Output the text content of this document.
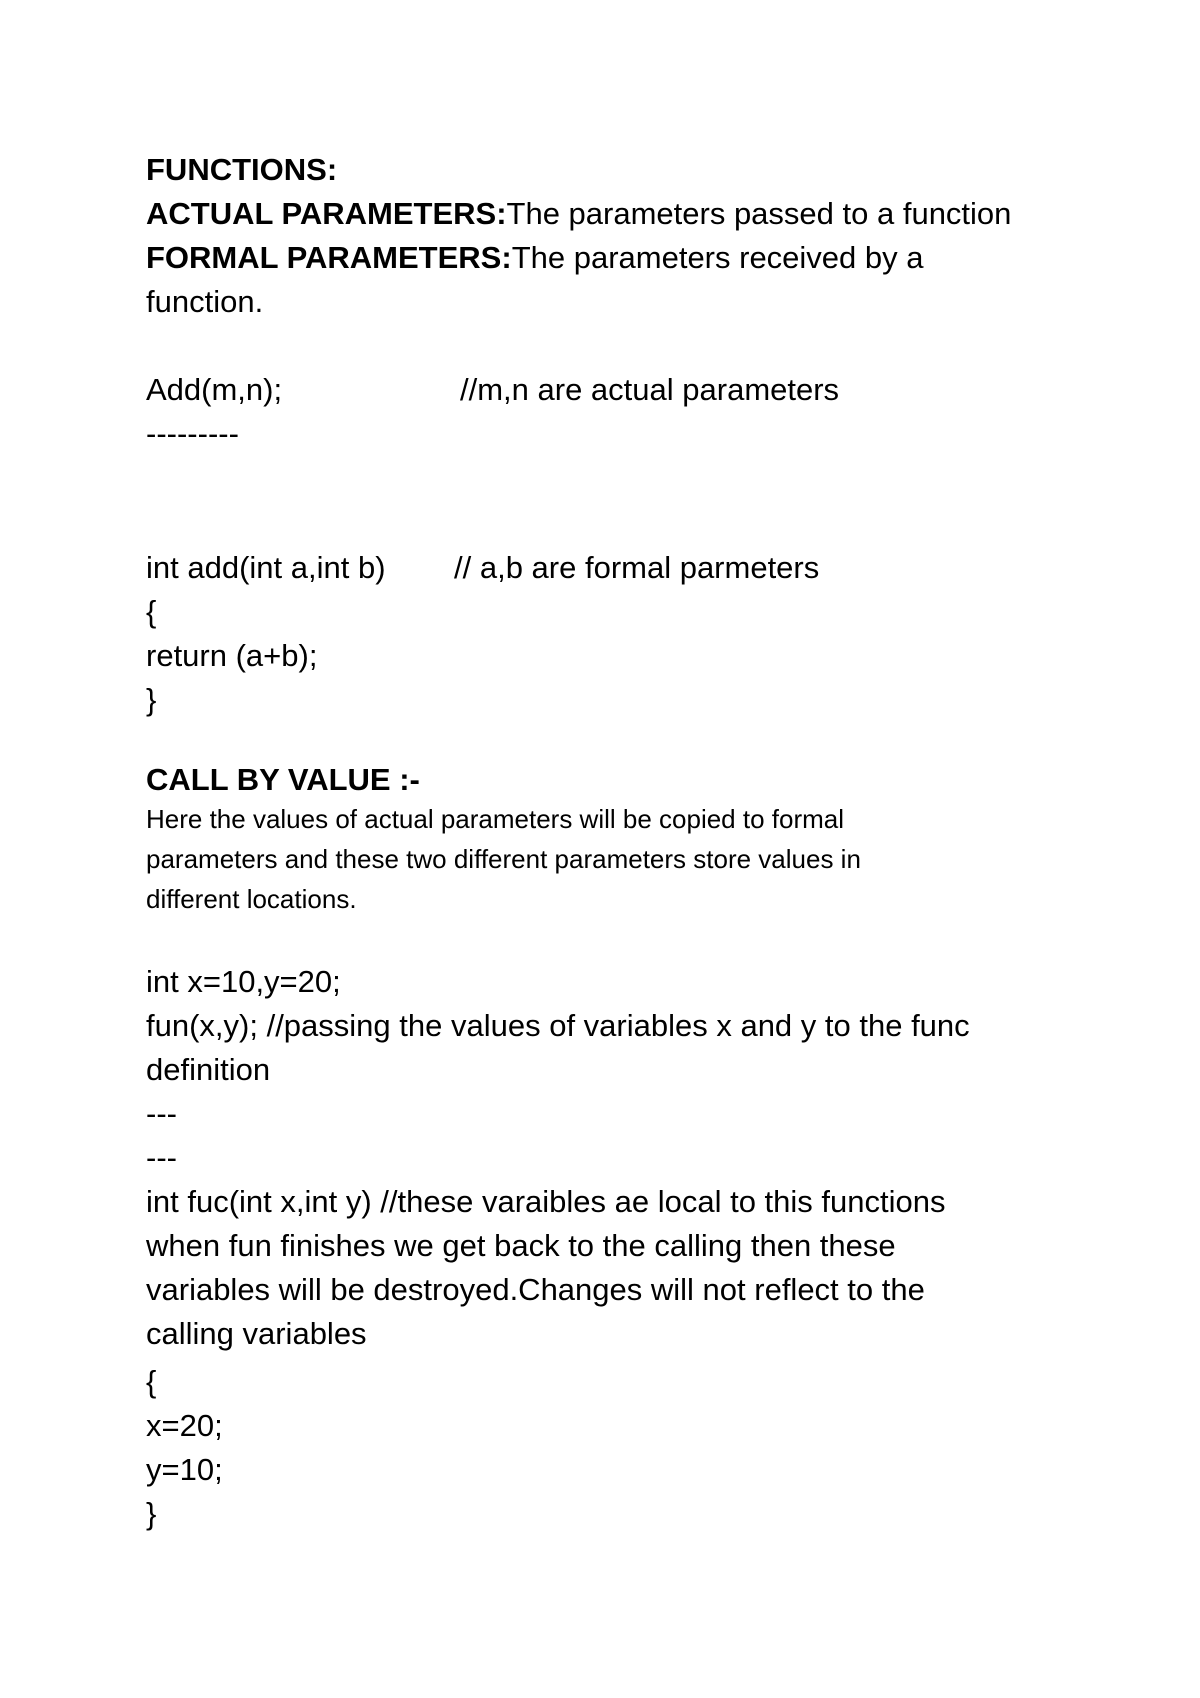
FUNCTIONS:
ACTUAL PARAMETERS:The parameters passed to a function
FORMAL PARAMETERS:The parameters received by a
function.
Add(m,n);	//m,n are actual parameters
---------
int add(int a,int b) // a,b are formal parmeters
{
return (a+b);
}
CALL BY VALUE :-
Here the values of actual parameters will be copied to formal
parameters and these two different parameters store values in
different locations.
int x=10,y=20;
fun(x,y); //passing the values of variables x and y to the func
definition
---
---
int fuc(int x,int y) //these varaibles ae local to this functions
when fun finishes we get back to the calling then these
variables will be destroyed.Changes will not reflect to the
calling variables
{
x=20;
y=10;
}
